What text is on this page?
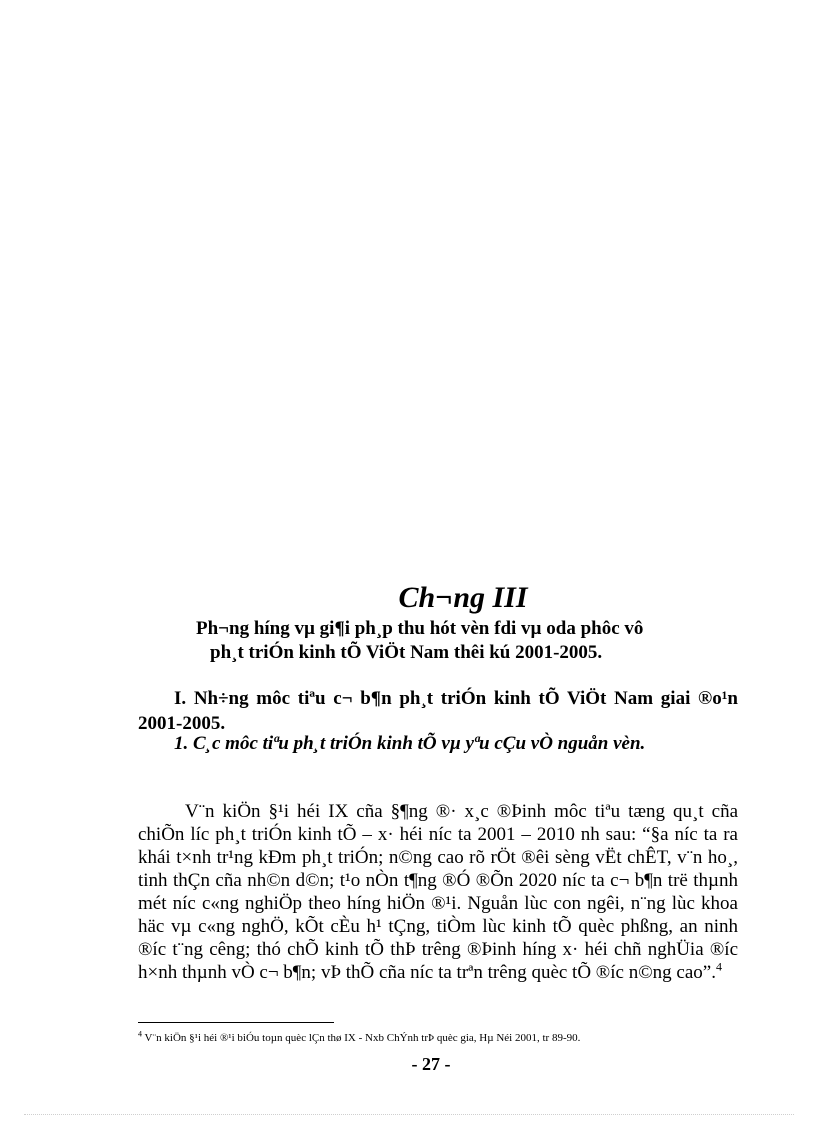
Ch¬ng III
Ph¬ng híng vµ gi¶i ph¸p thu hót vèn fdi vµ oda phôc vô
ph¸t triÓn kinh tÕ ViÖt Nam thêi kú 2001-2005.
I. Nh÷ng môc tiªu c¬ b¶n ph¸t triÓn kinh tÕ ViÖt Nam giai ®o¹n 2001-2005.
1. C¸c môc tiªu ph¸t triÓn kinh tÕ vµ yªu cÇu vÒ nguån vèn.

V¨n kiÖn §¹i héi IX cña §¶ng ®· x¸c ®Þinh môc tiªu tæng qu¸t cña chiÕn líc ph¸t triÓn kinh tÕ – x· héi níc ta 2001 – 2010 nh sau: “§a níc ta ra khái t×nh tr¹ng kÐm ph¸t triÓn; n©ng cao rõ rÖt ®êi sèng vËt chÊT, v¨n ho¸, tinh thÇn cña nh©n d©n; t¹o nÒn t¶ng ®Ó ®Õn 2020 níc ta c¬ b¶n trë thµnh mét níc c«ng nghiÖp theo híng hiÖn ®¹i. Nguån lùc con ngêi, n¨ng lùc khoa häc vµ c«ng nghÖ, kÕt cÈu h¹ tÇng, tiÒm lùc kinh tÕ quèc phßng, an ninh ®íc t¨ng cêng; thó chÕ kinh tÕ thÞ trêng ®Þinh híng x· héi chñ nghÜia ®íc h×nh thµnh vÒ c¬ b¶n; vÞ thÕ cña níc ta trªn trêng quèc tÕ ®íc n©ng cao”.$^4$

$^4$ V¨n kiÖn §¹i héi ®¹i biÓu toµn quèc lÇn thø IX - Nxb ChÝnh trÞ quèc gia, Hµ Néi 2001, tr 89-90.

- 27 -
